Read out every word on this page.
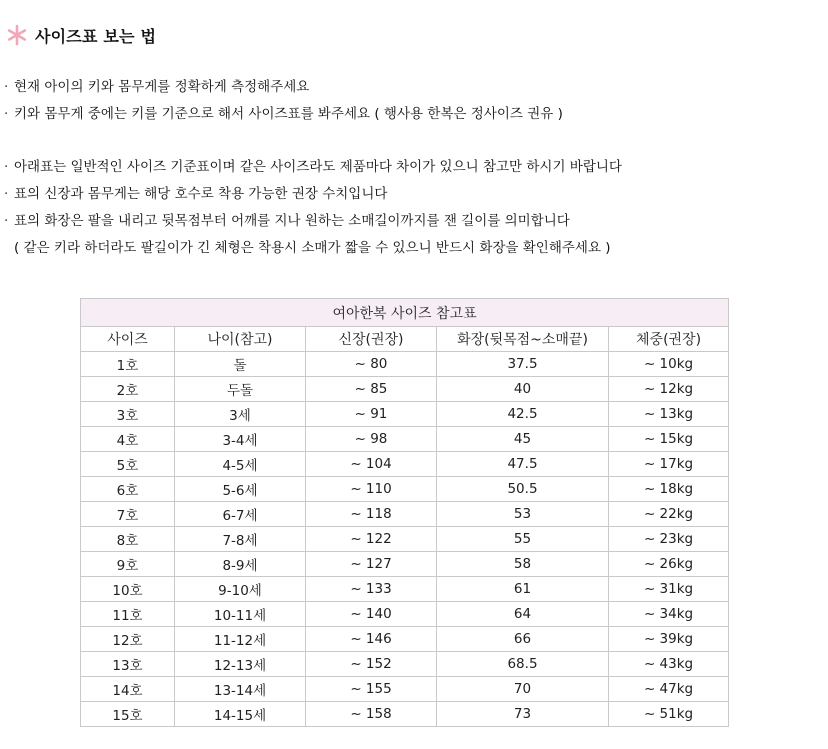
사이즈표 보는 법
· 현재 아이의 키와 몸무게를 정확하게 측정해주세요
· 키와 몸무게 중에는 키를 기준으로 해서 사이즈표를 봐주세요 ( 행사용 한복은 정사이즈 권유 )
· 아래표는 일반적인 사이즈 기준표이며 같은 사이즈라도 제품마다 차이가 있으니 참고만 하시기 바랍니다
· 표의 신장과 몸무게는 해당 호수로 착용 가능한 권장 수치입니다
· 표의 화장은 팔을 내리고 뒷목점부터 어깨를 지나 원하는 소매길이까지를 잰 길이를 의미합니다
( 같은 키라 하더라도 팔길이가 긴 체형은 착용시 소매가 짧을 수 있으니 반드시 화장을 확인해주세요 )
여아한복 사이즈 참고표				
사이즈	나이(참고)	신장(권장)	화장(뒷목점~소매끝)	체중(권장)
1호	돌	~ 80	37.5	~ 10kg
2호	두돌	~ 85	40	~ 12kg
3호	3세	~ 91	42.5	~ 13kg
4호	3-4세	~ 98	45	~ 15kg
5호	4-5세	~ 104	47.5	~ 17kg
6호	5-6세	~ 110	50.5	~ 18kg
7호	6-7세	~ 118	53	~ 22kg
8호	7-8세	~ 122	55	~ 23kg
9호	8-9세	~ 127	58	~ 26kg
10호	9-10세	~ 133	61	~ 31kg
11호	10-11세	~ 140	64	~ 34kg
12호	11-12세	~ 146	66	~ 39kg
13호	12-13세	~ 152	68.5	~ 43kg
14호	13-14세	~ 155	70	~ 47kg
15호	14-15세	~ 158	73	~ 51kg
